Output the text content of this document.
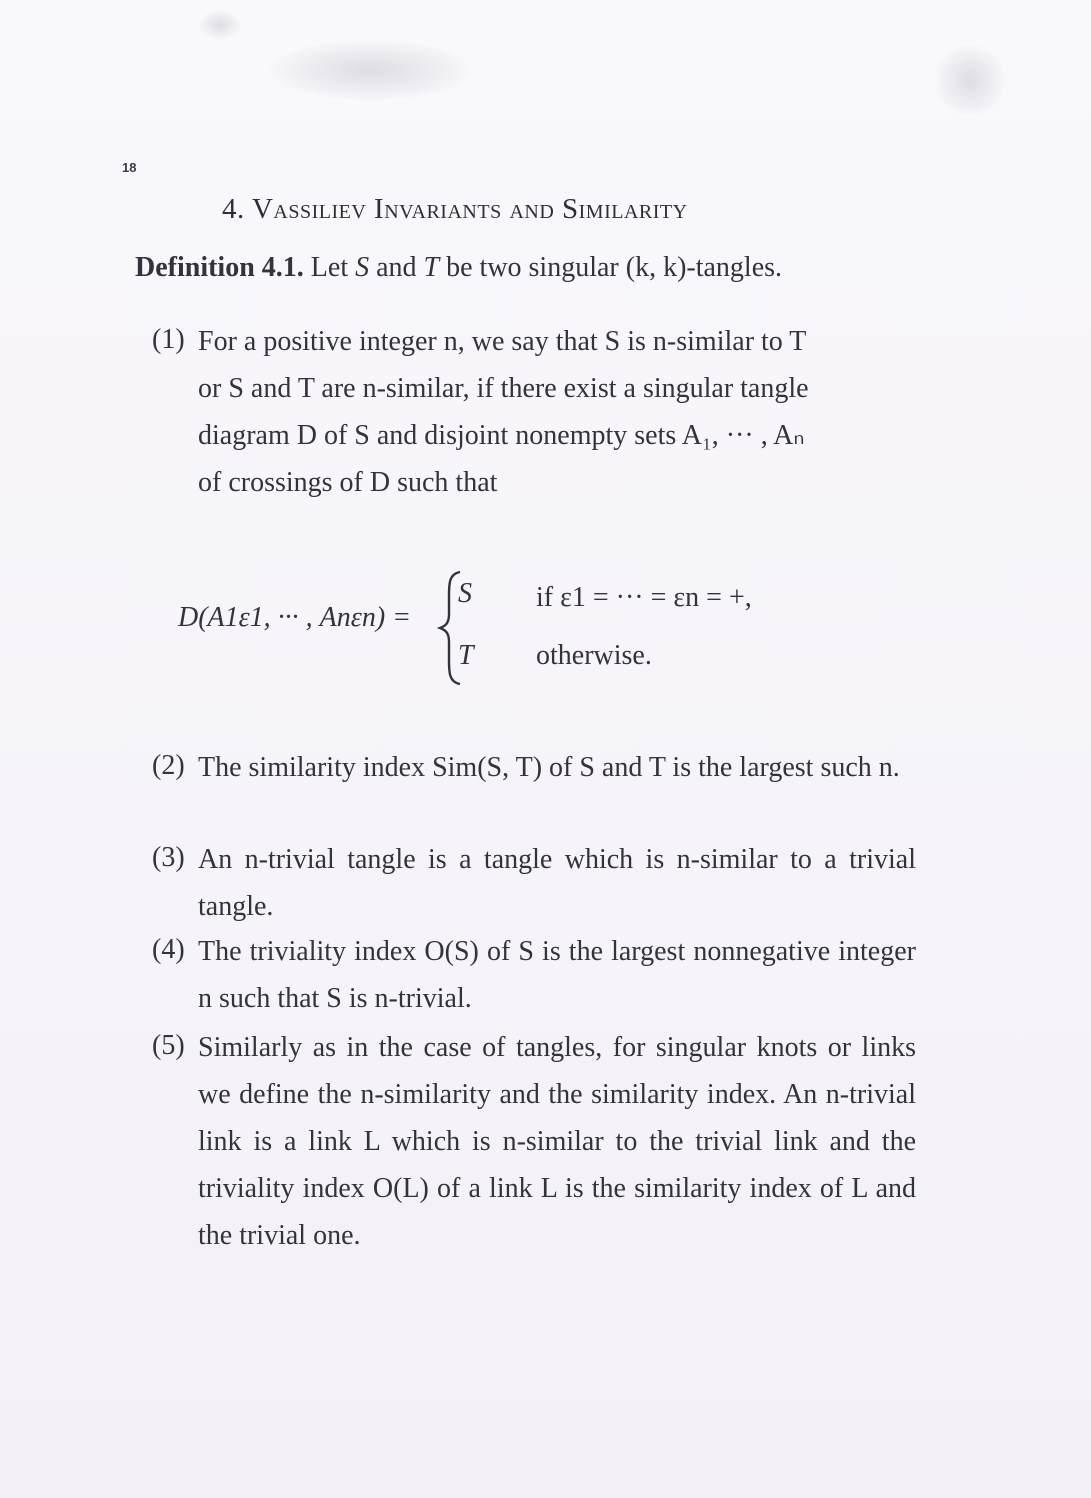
18
4. Vassiliev Invariants and Similarity
Definition 4.1. Let S and T be two singular (k, k)-tangles.
(1) For a positive integer n, we say that S is n-similar to T
or S and T are n-similar, if there exist a singular tangle
diagram D of S and disjoint nonempty sets A₁, ··· , Aₙ
of crossings of D such that
D(A1ε1, ··· , Anεn) =
S if ε1 = ··· = εn = +,
T otherwise.
(2) The similarity index Sim(S, T) of S and T is the largest such n.
(3) An n-trivial tangle is a tangle which is n-similar to a trivial tangle.
(4) The triviality index O(S) of S is the largest nonnegative integer n such that S is n-trivial.
(5) Similarly as in the case of tangles, for singular knots or links we define the n-similarity and the similarity index. An n-trivial link is a link L which is n-similar to the trivial link and the triviality index O(L) of a link L is the similarity index of L and the trivial one.
